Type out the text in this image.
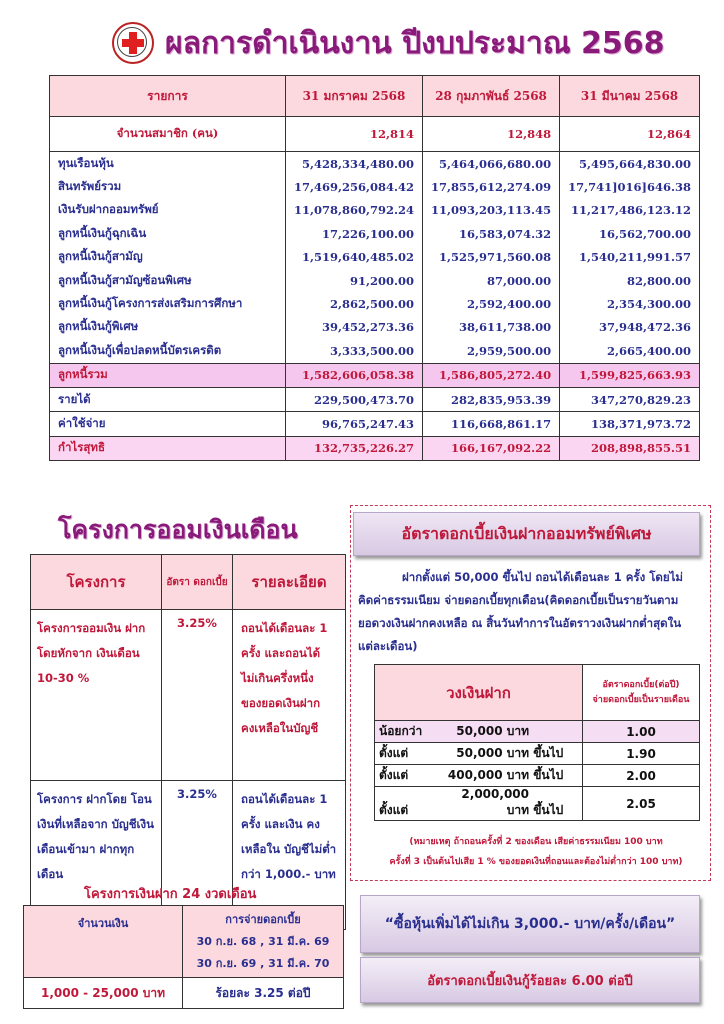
ผลการดำเนินงาน ปีงบประมาณ 2568
รายการ	31 มกราคม 2568	28 กุมภาพันธ์ 2568	31 มีนาคม 2568
จำนวนสมาชิก (คน)	12,814	12,848	12,864
ทุนเรือนหุ้น	5,428,334,480.00	5,464,066,680.00	5,495,664,830.00
สินทรัพย์รวม	17,469,256,084.42	17,855,612,274.09	17,741]016]646.38
เงินรับฝากออมทรัพย์	11,078,860,792.24	11,093,203,113.45	11,217,486,123.12
ลูกหนี้เงินกู้ฉุกเฉิน	17,226,100.00	16,583,074.32	16,562,700.00
ลูกหนี้เงินกู้สามัญ	1,519,640,485.02	1,525,971,560.08	1,540,211,991.57
ลูกหนี้เงินกู้สามัญซ้อนพิเศษ	91,200.00	87,000.00	82,800.00
ลูกหนี้เงินกู้โครงการส่งเสริมการศึกษา	2,862,500.00	2,592,400.00	2,354,300.00
ลูกหนี้เงินกู้พิเศษ	39,452,273.36	38,611,738.00	37,948,472.36
ลูกหนี้เงินกู้เพื่อปลดหนี้บัตรเครดิต	3,333,500.00	2,959,500.00	2,665,400.00
ลูกหนี้รวม	1,582,606,058.38	1,586,805,272.40	1,599,825,663.93
รายได้	229,500,473.70	282,835,953.39	347,270,829.23
ค่าใช้จ่าย	96,765,247.43	116,668,861.17	138,371,973.72
กำไรสุทธิ	132,735,226.27	166,167,092.22	208,898,855.51
โครงการออมเงินเดือน
โครงการ	อัตรา ดอกเบี้ย	รายละเอียด
โครงการออมเงิน ฝากโดยหักจาก เงินเดือน 10-30 %	3.25%	ถอนได้เดือนละ 1 ครั้ง และถอนได้ ไม่เกินครึ่งหนึ่ง ของยอดเงินฝาก คงเหลือในบัญชี
โครงการ ฝากโดย โอนเงินที่เหลือจาก บัญชีเงินเดือนเข้ามา ฝากทุกเดือน	3.25%	ถอนได้เดือนละ 1 ครั้ง และเงิน คงเหลือใน บัญชีไม่ต่ำกว่า 1,000.- บาท
อัตราดอกเบี้ยเงินฝากออมทรัพย์พิเศษ
ฝากตั้งแต่ 50,000 ขึ้นไป ถอนได้เดือนละ 1 ครั้ง โดยไม่คิดค่าธรรมเนียม จ่ายดอกเบี้ยทุกเดือน(คิดดอกเบี้ยเป็นรายวันตามยอดวงเงินฝากคงเหลือ ณ สิ้นวันทำการในอัตราวงเงินฝากต่ำสุดในแต่ละเดือน)
วงเงินฝาก	อัตราดอกเบี้ย(ต่อปี)
จ่ายดอกเบี้ยเป็นรายเดือน

น้อยกว่า 50,000 บาท	1.00
ตั้งแต่ 50,000 บาท ขึ้นไป	1.90
ตั้งแต่ 400,000 บาท ขึ้นไป	2.00
ตั้งแต่2,000,000 บาท ขึ้นไป	2.05
(หมายเหตุ ถ้าถอนครั้งที่ 2 ของเดือน เสียค่าธรรมเนียม 100 บาท
ครั้งที่ 3 เป็นต้นไปเสีย 1 % ของยอดเงินที่ถอนและต้องไม่ต่ำกว่า 100 บาท)
โครงการเงินฝาก 24 งวดเดือน
จำนวนเงิน	การจ่ายดอกเบี้ย
30 ก.ย. 68 , 31 มี.ค. 69
30 ก.ย. 69 , 31 มี.ค. 70

1,000 - 25,000 บาท	ร้อยละ 3.25 ต่อปี
“ซื้อหุ้นเพิ่มได้ไม่เกิน 3,000.- บาท/ครั้ง/เดือน”
อัตราดอกเบี้ยเงินกู้ร้อยละ 6.00 ต่อปี
